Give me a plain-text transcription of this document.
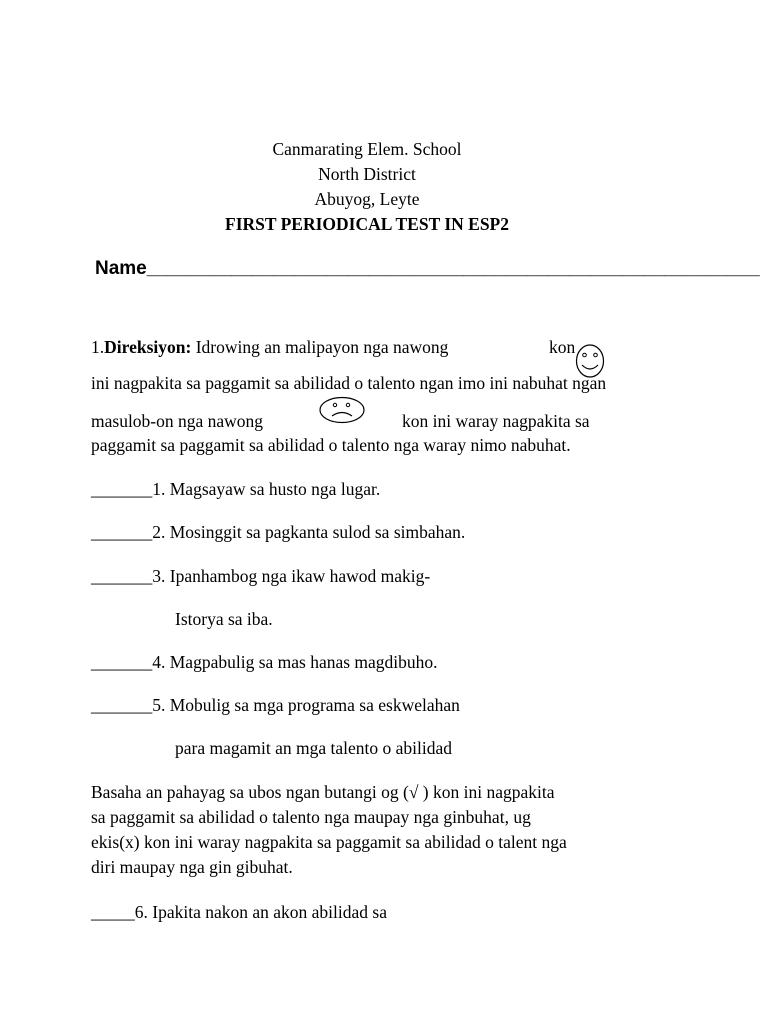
Canmarating Elem. School
North District
Abuyog, Leyte
FIRST PERIODICAL TEST IN ESP2
Name__________________________________________________________
1.Direksiyon: Idrowing an malipayon nga nawong	kon
ini nagpakita sa paggamit sa abilidad o talento ngan imo ini nabuhat ngan
masulob-on nga nawong	kon ini waray nagpakita sa
paggamit sa paggamit sa abilidad o talento nga waray nimo nabuhat.
_______1. Magsayaw sa husto nga lugar.
_______2. Mosinggit sa pagkanta sulod sa simbahan.
_______3. Ipanhambog nga ikaw hawod makig-
Istorya sa iba.
_______4. Magpabulig sa mas hanas magdibuho.
_______5. Mobulig sa mga programa sa eskwelahan
para magamit an mga talento o abilidad
Basaha an pahayag sa ubos ngan butangi og (√ ) kon ini nagpakita
sa paggamit sa abilidad o talento nga maupay nga ginbuhat, ug
ekis(x) kon ini waray nagpakita sa paggamit sa abilidad o talent nga
diri maupay nga gin gibuhat.
_____6. Ipakita nakon an akon abilidad sa
